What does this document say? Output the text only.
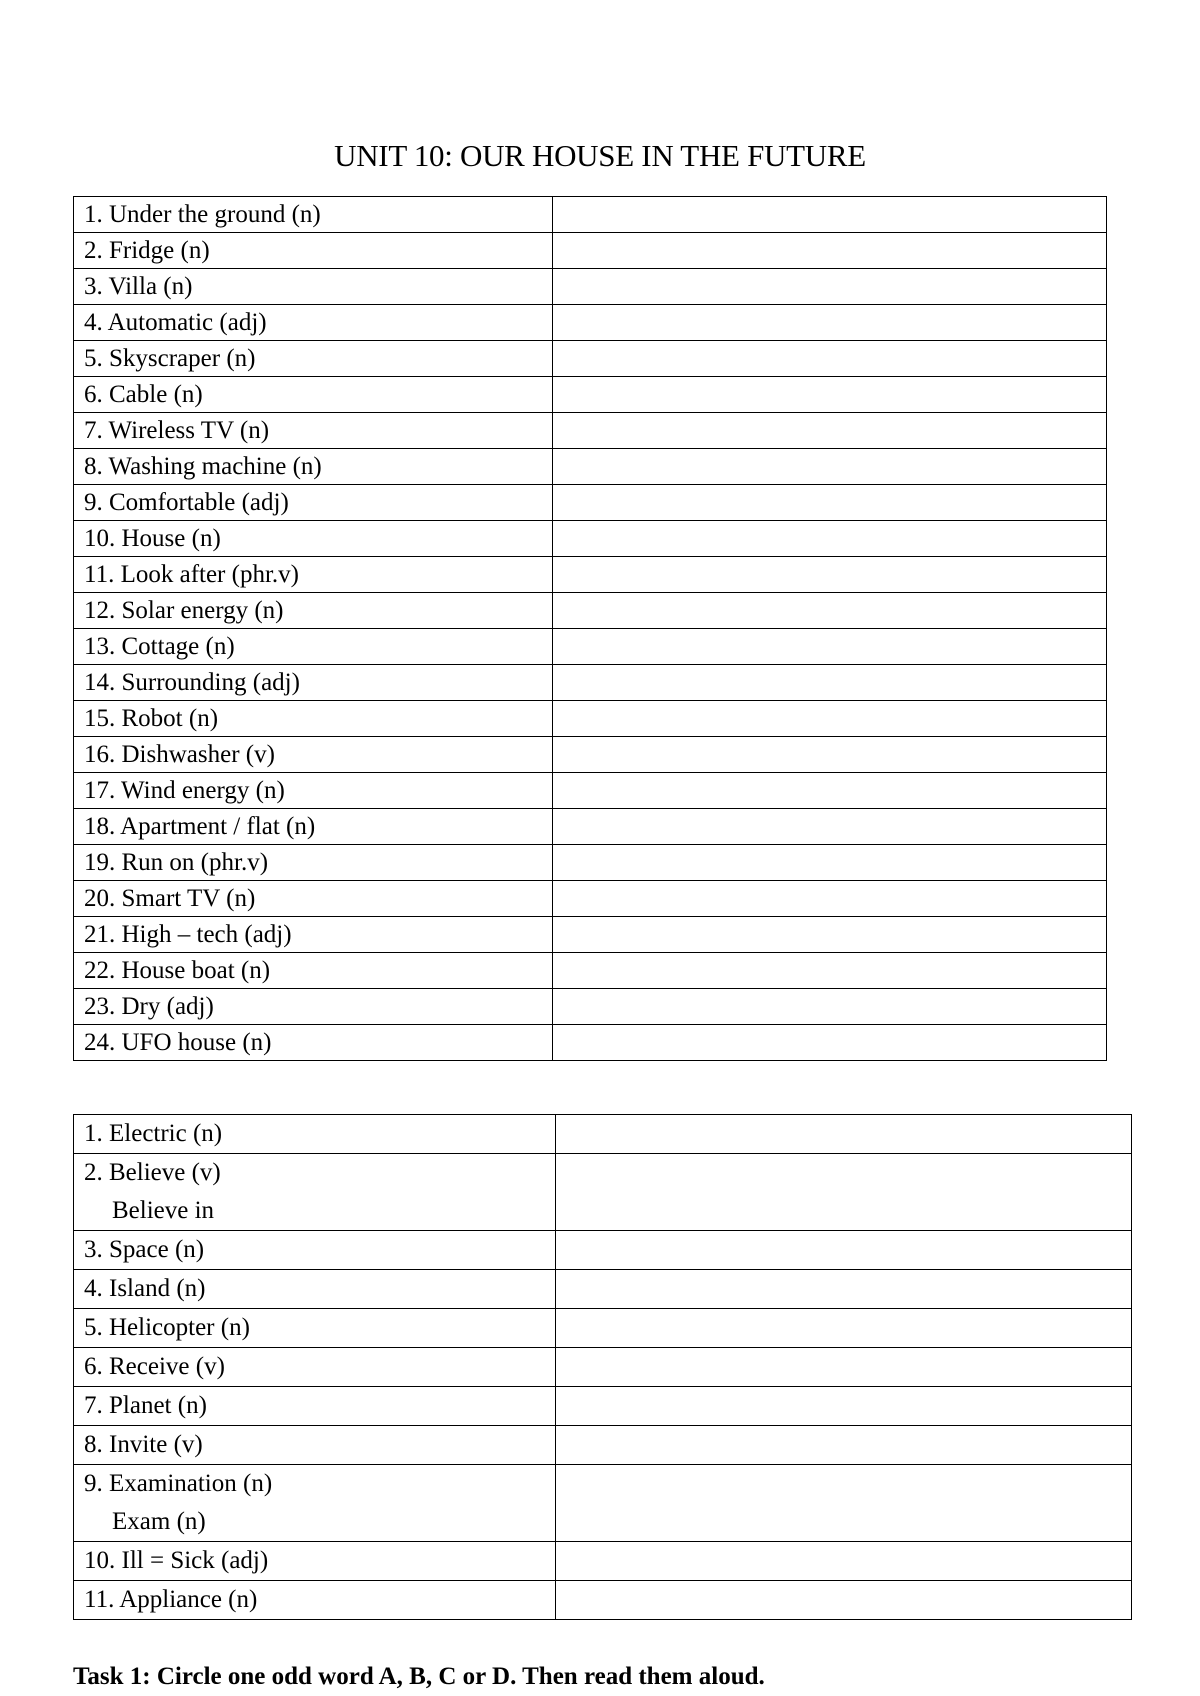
UNIT 10: OUR HOUSE IN THE FUTURE
1. Under the ground (n)	
2. Fridge (n)	
3. Villa (n)	
4. Automatic (adj)	
5. Skyscraper (n)	
6. Cable (n)	
7. Wireless TV (n)	
8. Washing machine (n)	
9. Comfortable (adj)	
10. House (n)	
11. Look after (phr.v)	
12. Solar energy (n)	
13. Cottage (n)	
14. Surrounding (adj)	
15. Robot (n)	
16. Dishwasher (v)	
17. Wind energy (n)	
18. Apartment / flat (n)	
19. Run on (phr.v)	
20. Smart TV (n)	
21. High – tech (adj)	
22. House boat (n)	
23. Dry (adj)	
24. UFO house (n)	
1. Electric (n)	
2. Believe (v)
Believe in	

3. Space (n)	
4. Island (n)	
5. Helicopter (n)	
6. Receive (v)	
7. Planet (n)	
8. Invite (v)	
9. Examination (n)
Exam (n)	

10. Ill = Sick (adj)	
11. Appliance (n)	
Task 1: Circle one odd word A, B, C or D. Then read them aloud.
